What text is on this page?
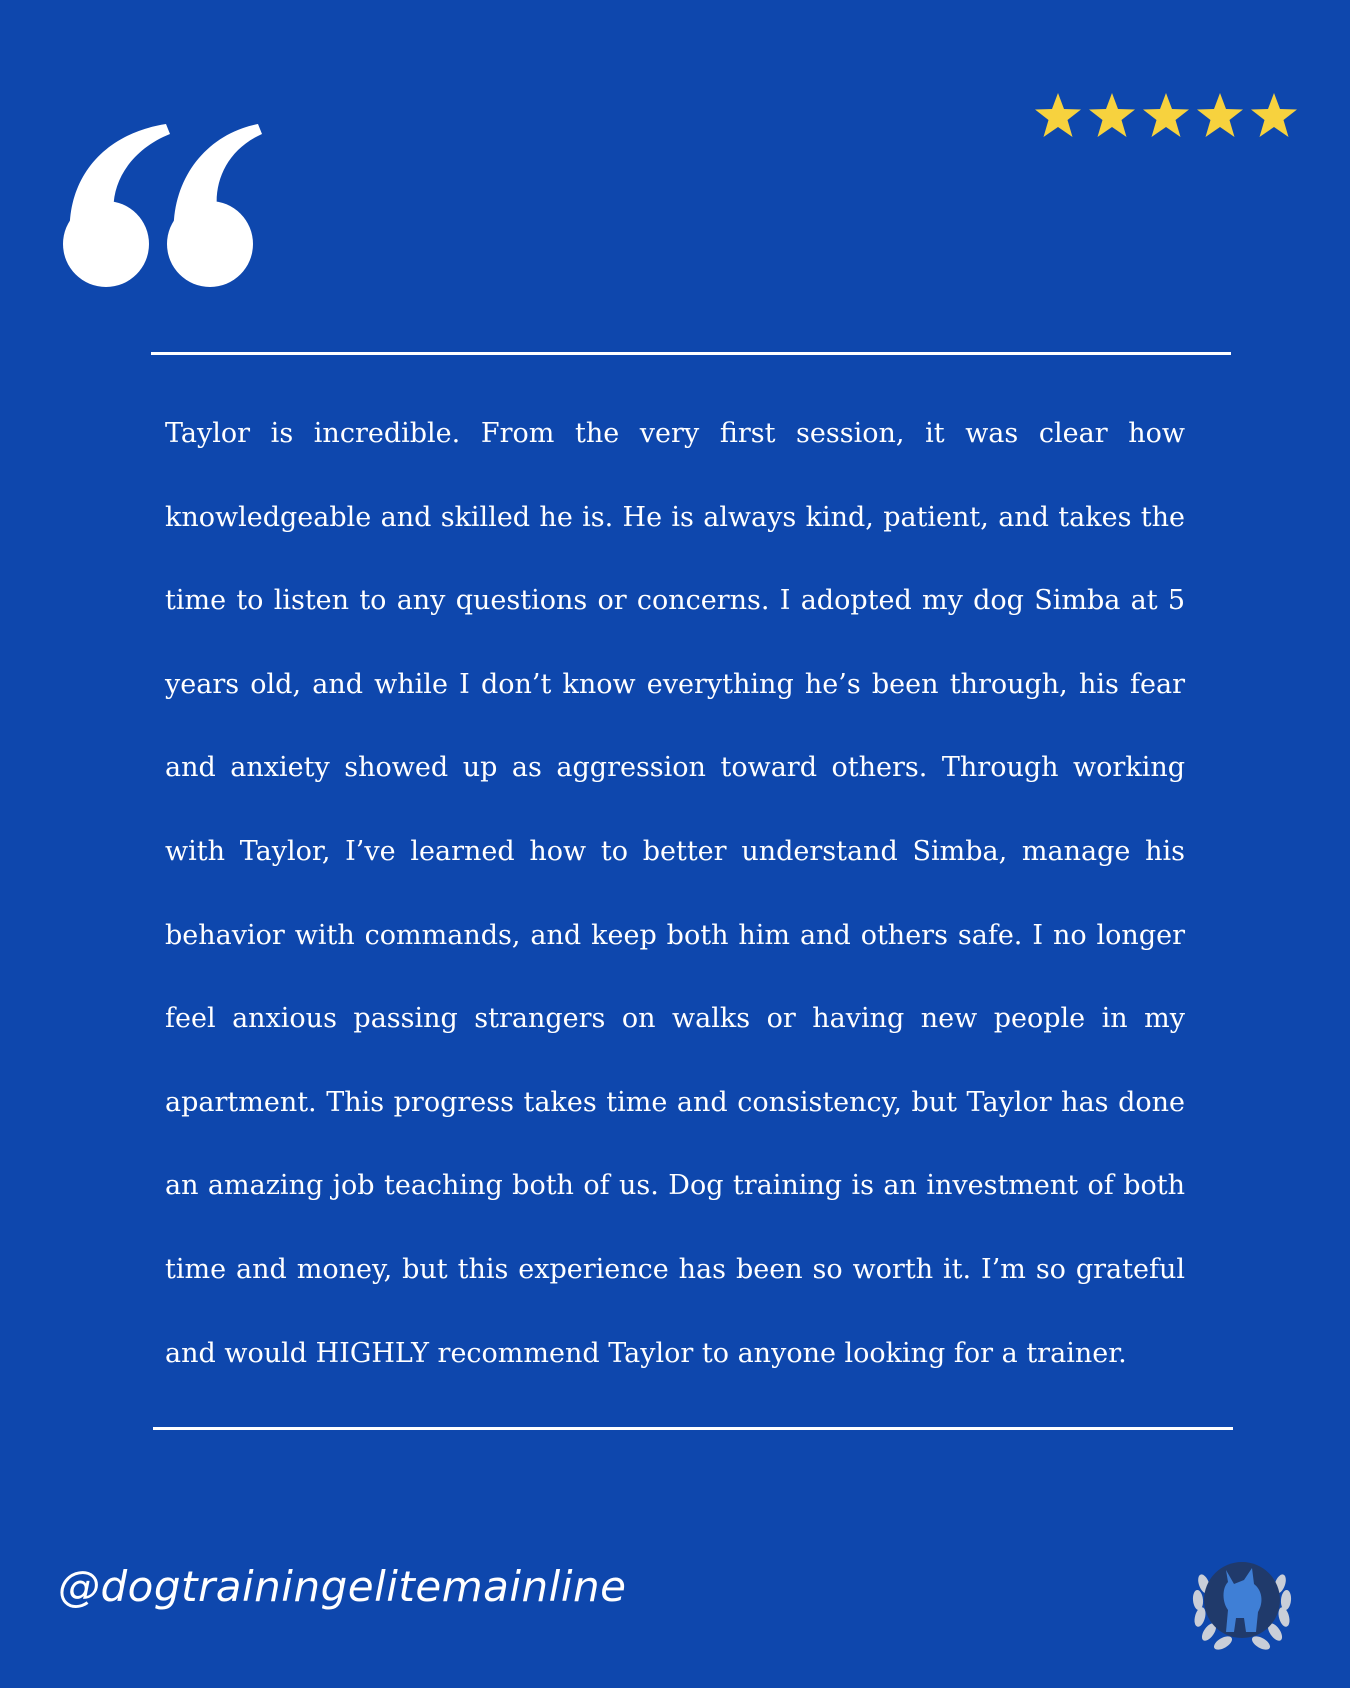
Taylor is incredible. From the very first session, it was clear how knowledgeable and skilled he is. He is always kind, patient, and takes the time to listen to any questions or concerns. I adopted my dog Simba at 5 years old, and while I don’t know everything he’s been through, his fear and anxiety showed up as aggression toward others. Through working with Taylor, I’ve learned how to better understand Simba, manage his behavior with commands, and keep both him and others safe. I no longer feel anxious passing strangers on walks or having new people in my apartment. This progress takes time and consistency, but Taylor has done an amazing job teaching both of us. Dog training is an investment of both time and money, but this experience has been so worth it. I’m so grateful and would HIGHLY recommend Taylor to anyone looking for a trainer.

@dogtrainingelitemainline
